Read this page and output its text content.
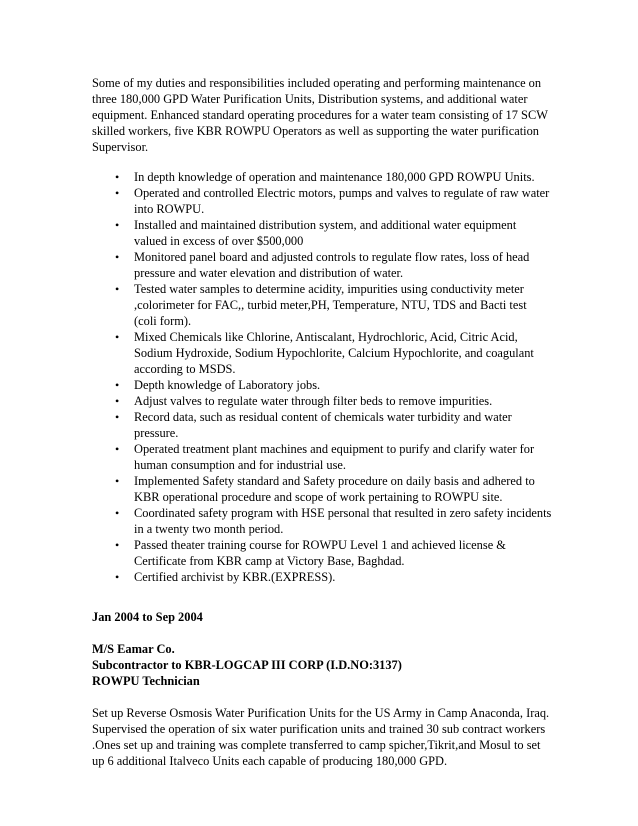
Some of my duties and responsibilities included operating and performing maintenance on three 180,000 GPD Water Purification Units, Distribution systems, and additional water equipment. Enhanced standard operating procedures for a water team consisting of 17 SCW skilled workers, five KBR ROWPU Operators as well as supporting the water purification Supervisor.

• In depth knowledge of operation and maintenance 180,000 GPD ROWPU Units.
• Operated and controlled Electric motors, pumps and valves to regulate of raw water into ROWPU.
• Installed and maintained distribution system, and additional water equipment valued in excess of over $500,000
• Monitored panel board and adjusted controls to regulate flow rates, loss of head pressure and water elevation and distribution of water.
• Tested water samples to determine acidity, impurities using conductivity meter ,colorimeter for FAC,, turbid meter,PH, Temperature, NTU, TDS and Bacti test (coli form).
• Mixed Chemicals like Chlorine, Antiscalant, Hydrochloric, Acid, Citric Acid, Sodium Hydroxide, Sodium Hypochlorite, Calcium Hypochlorite, and coagulant according to MSDS.
• Depth knowledge of Laboratory jobs.
• Adjust valves to regulate water through filter beds to remove impurities.
• Record data, such as residual content of chemicals water turbidity and water pressure.
• Operated treatment plant machines and equipment to purify and clarify water for human consumption and for industrial use.
• Implemented Safety standard and Safety procedure on daily basis and adhered to KBR operational procedure and scope of work pertaining to ROWPU site.
• Coordinated safety program with HSE personal that resulted in zero safety incidents in a twenty two month period.
• Passed theater training course for ROWPU Level 1 and achieved license & Certificate from KBR camp at Victory Base, Baghdad.
• Certified archivist by KBR.(EXPRESS).
Jan 2004 to Sep 2004
M/S Eamar Co.
Subcontractor to KBR-LOGCAP III CORP (I.D.NO:3137)
ROWPU Technician

Set up Reverse Osmosis Water Purification Units for the US Army in Camp Anaconda, Iraq. Supervised the operation of six water purification units and trained 30 sub contract workers .Ones set up and training was complete transferred to camp spicher,Tikrit,and Mosul to set up 6 additional Italveco Units each capable of producing 180,000 GPD.
